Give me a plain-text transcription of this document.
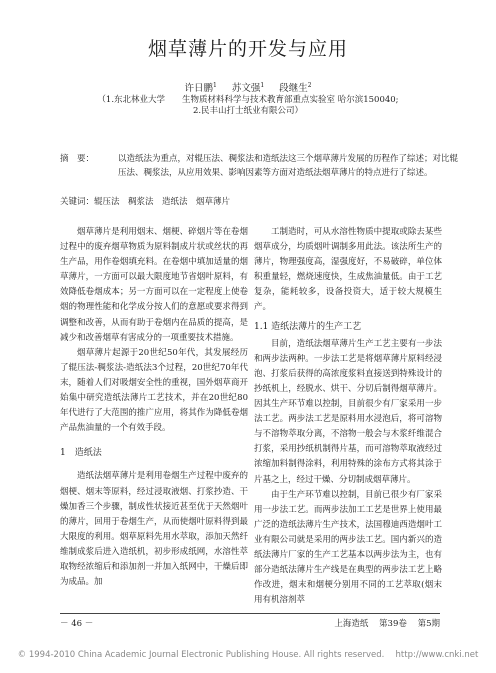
烟草薄片的开发与应用
许日鹏$^1$ 苏文强$^1$ 段继生$^2$
（1.东北林业大学　　生物质材料科学与技术教育部重点实验室 哈尔滨150040;
2.民丰山打士纸业有限公司）
摘　要：	以造纸法为重点，对辊压法、稠浆法和造纸法这三个烟草薄片发展的历程作了综述；对比辊压法、稠浆法，从应用效果、影响因素等方面对造纸法烟草薄片的特点进行了综述。
关键词：辊压法　稠浆法　造纸法　烟草薄片

烟草薄片是利用烟末、烟梗、碎烟片等在卷烟过程中的废弃烟草物质为原料制成片状或丝状的再生产品，用作卷烟填充料。在卷烟中填加适量的烟草薄片，一方面可以最大限度地节省烟叶原料，有效降低卷烟成本；另一方面可以在一定程度上使卷烟的物理性能和化学成分按人们的意愿或要求得到调整和改善，从而有助于卷烟内在品质的提高，是减少和改善烟草有害成分的一项重要技术措施。

烟草薄片起源于20世纪50年代，其发展经历了辊压法-稠浆法-造纸法3个过程，20世纪70年代末，随着人们对吸烟安全性的重视，国外烟草商开始集中研究造纸法薄片工艺技术，并在20世纪80年代进行了大范围的推广应用，将其作为降低卷烟产品焦油量的一个有效手段。

1　造纸法

造纸法烟草薄片是利用卷烟生产过程中废弃的烟梗、烟末等原料，经过浸取液烟、打浆抄造、干燥加香三个步骤，制成性状接近甚至优于天然烟叶的薄片，回用于卷烟生产，从而使烟叶原料得到最大限度的利用。烟草原料先用水萃取，添加天然纤维制成浆后进入造纸机，初步形成纸网，水溶性萃取物经浓缩后和添加剂一并加入纸网中，干燥后即为成品。加

工制造时，可从水溶性物质中提取或除去某些烟草成分，均质烟叶调制多用此法。该法所生产的薄片，物理强度高，湿强度好，不易破碎，单位体积重量轻，燃烧速度快，生成焦油量低。由于工艺复杂，能耗较多，设备投资大，适于较大规模生产。

1.1 造纸法薄片的生产工艺

目前，造纸法烟草薄片生产工艺主要有一步法和两步法两种。一步法工艺是将烟草薄片原料经浸泡、打浆后获得的高浓度浆料直接送到特殊设计的抄纸机上，经脱水、烘干、分切后制得烟草薄片。因其生产环节难以控制，目前很少有厂家采用一步法工艺。两步法工艺是原料用水浸泡后，将可溶物与不溶物萃取分离，不溶物一般会与木浆纤维混合打浆，采用抄纸机制得片基，而可溶物萃取液经过浓缩加料制得涂料，利用特殊的涂布方式将其涂于片基之上，经过干燥、分切制成烟草薄片。

由于生产环节难以控制，目前已很少有厂家采用一步法工艺。而两步法加工工艺是世界上使用最广泛的造纸法薄片生产技术，法国穆迪西造烟叶工业有限公司就是采用的两步法工艺。国内新兴的造纸法薄片厂家的生产工艺基本以两步法为主，也有部分造纸法薄片生产线是在典型的两步法工艺上略作改进，烟末和烟梗分别用不同的工艺萃取(烟末用有机溶剂萃

－ 46 －	上海造纸 第39卷 第5期
© 1994-2010 China Academic Journal Electronic Publishing House. All rights reserved.　 http://www.cnki.net
